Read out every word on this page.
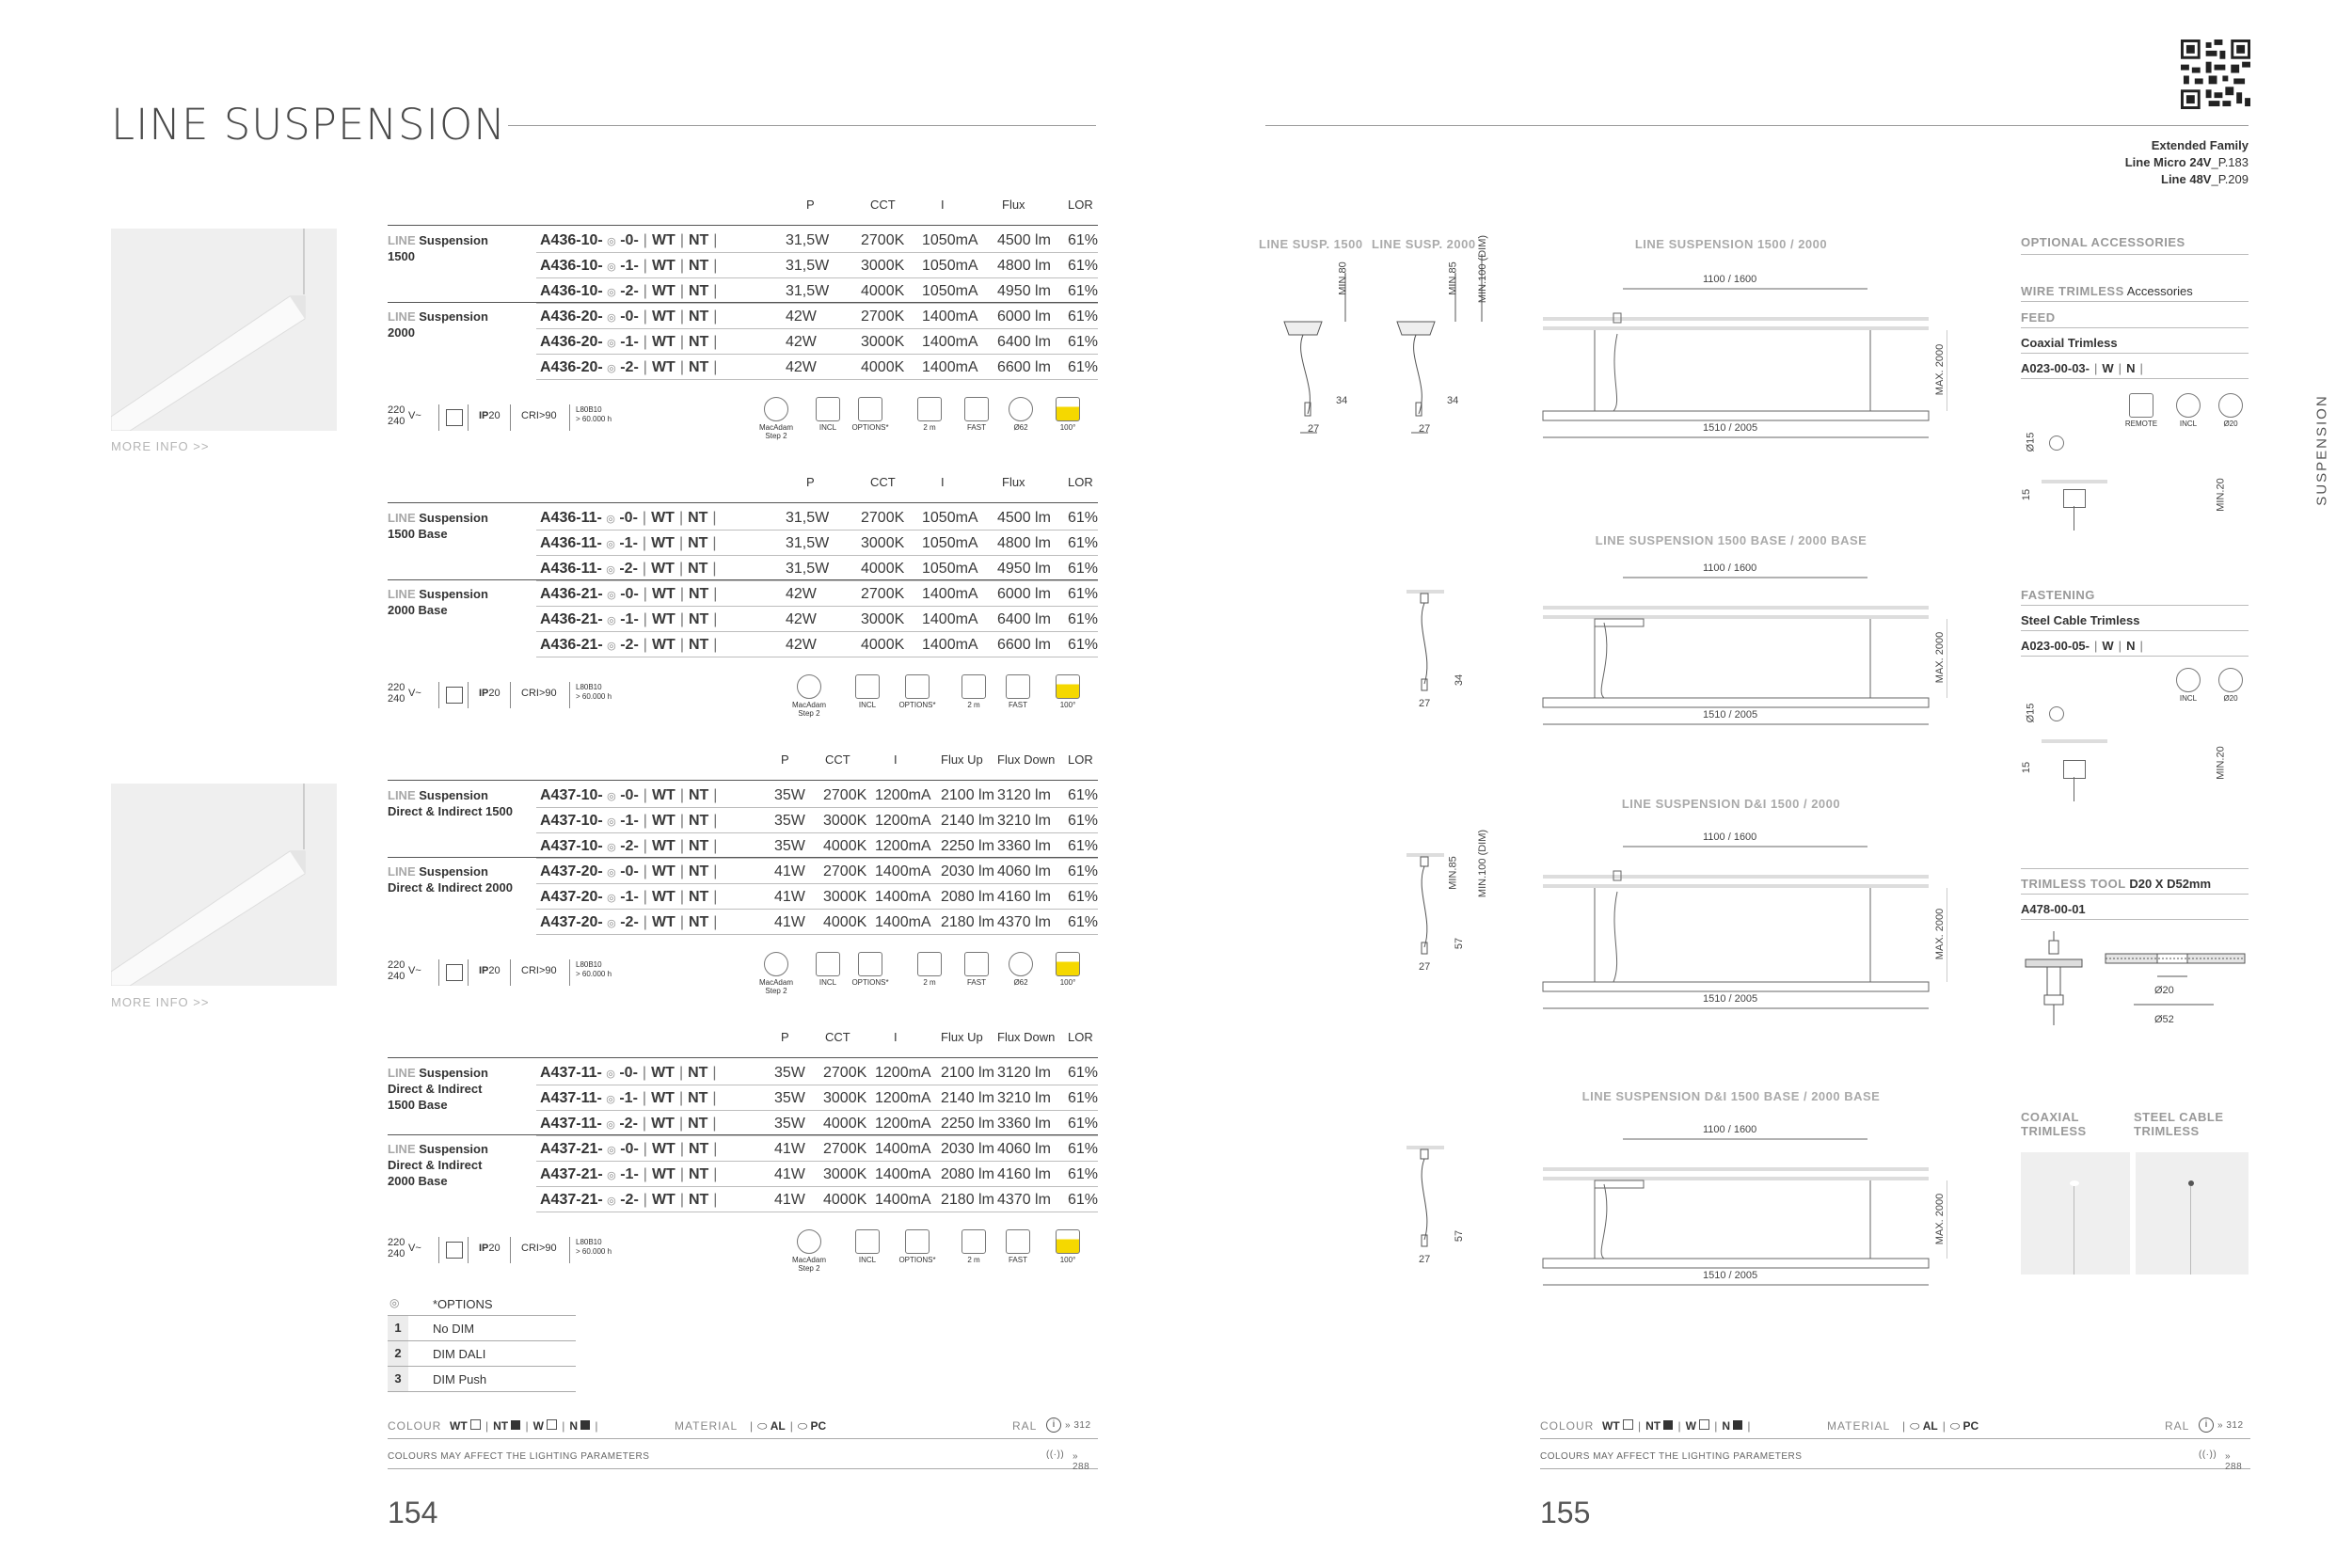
LINE SUSPENSION	Extended Family
Line Micro 24V_P.183
Line 48V_P.209
SUSPENSION
MORE INFO >>
MORE INFO >>
P	CCT	I	Flux	LOR
LINE Suspension
1500
A436-10- ◎ -0- | WT | NT |	31,5W 2700K 1050mA 4500 lm 61%
A436-10- ◎ -1- | WT | NT |	31,5W 3000K 1050mA 4800 lm 61%
A436-10- ◎ -2- | WT | NT |	31,5W 4000K 1050mA 4950 lm 61%
LINE Suspension
2000
A436-20- ◎ -0- | WT | NT |	42W	2700K 1400mA 6000 lm 61%
A436-20- ◎ -1- | WT | NT |	42W	3000K 1400mA 6400 lm 61%
A436-20- ◎ -2- | WT | NT |	42W	4000K 1400mA 6600 lm 61%
220
240 V~	IP20 CRI>90
L80B10
> 60.000 h
MacAdam
Step 2
INCL	OPTIONS*	2 m	FAST	Ø62	100°
P	CCT	I	Flux	LOR
LINE Suspension
1500 Base
A436-11- ◎ -0- | WT | NT |	31,5W 2700K 1050mA 4500 lm 61%
A436-11- ◎ -1- | WT | NT |	31,5W 3000K 1050mA 4800 lm 61%
A436-11- ◎ -2- | WT | NT |	31,5W 4000K 1050mA 4950 lm 61%
LINE Suspension
2000 Base
A436-21- ◎ -0- | WT | NT |	42W	2700K 1400mA 6000 lm 61%
A436-21- ◎ -1- | WT | NT |	42W	3000K 1400mA 6400 lm 61%
A436-21- ◎ -2- | WT | NT |	42W	4000K 1400mA 6600 lm 61%
220
240 V~	IP20 CRI>90
L80B10
> 60.000 h
MacAdam
Step 2
INCL	OPTIONS*	2 m	FAST	100°
P	CCT	I	Flux Up Flux Down LOR
LINE Suspension
Direct & Indirect 1500
A437-10- ◎ -0- | WT | NT |	35W 2700K 1200mA 2100 lm 3120 lm 61%
A437-10- ◎ -1- | WT | NT |	35W 3000K 1200mA 2140 lm 3210 lm 61%
A437-10- ◎ -2- | WT | NT |	35W 4000K 1200mA 2250 lm 3360 lm 61%
LINE Suspension
Direct & Indirect 2000
A437-20- ◎ -0- | WT | NT |	41W 2700K 1400mA 2030 lm 4060 lm 61%
A437-20- ◎ -1- | WT | NT |	41W 3000K 1400mA 2080 lm 4160 lm 61%
A437-20- ◎ -2- | WT | NT |	41W 4000K 1400mA 2180 lm 4370 lm 61%
220
240 V~	IP20 CRI>90
L80B10
> 60.000 h
MacAdam
Step 2
INCL	OPTIONS*	2 m	FAST	Ø62	100°
P	CCT	I	Flux Up Flux Down LOR
LINE Suspension
Direct & Indirect
1500 Base
A437-11- ◎ -0- | WT | NT |	35W 2700K 1200mA 2100 lm 3120 lm 61%
A437-11- ◎ -1- | WT | NT |	35W 3000K 1200mA 2140 lm 3210 lm 61%
A437-11- ◎ -2- | WT | NT |	35W 4000K 1200mA 2250 lm 3360 lm 61%
LINE Suspension
Direct & Indirect
2000 Base
A437-21- ◎ -0- | WT | NT |	41W 2700K 1400mA 2030 lm 4060 lm 61%
A437-21- ◎ -1- | WT | NT |	41W 3000K 1400mA 2080 lm 4160 lm 61%
A437-21- ◎ -2- | WT | NT |	41W 4000K 1400mA 2180 lm 4370 lm 61%
220
240 V~	IP20 CRI>90
L80B10
> 60.000 h
MacAdam
Step 2
INCL	OPTIONS*	2 m	FAST	100°
◎	*OPTIONS
1	No DIM
2	DIM DALI
3	DIM Push
COLOUR WT | NT | W | N |	MATERIAL	| ⬭ AL | ⬭ PC	RAL	i	» 312
COLOURS MAY AFFECT THE LIGHTING PARAMETERS	((·)) » 288
COLOUR WT | NT | W | N |	MATERIAL	| ⬭ AL | ⬭ PC	RAL	i	» 312
COLOURS MAY AFFECT THE LIGHTING PARAMETERS	((·)) » 288
154	155
LINE SUSP. 1500 LINE SUSP. 2000
MIN.80	MIN.85 MIN.100 (DIM)
34	34
27	27
LINE SUSPENSION 1500 / 2000
1100 / 1600
1510 / 2005
MAX. 2000
LINE SUSPENSION 1500 BASE / 2000 BASE
1100 / 1600
1510 / 2005
MAX. 2000
34
27
LINE SUSPENSION D&I 1500 / 2000
1100 / 1600
1510 / 2005
MAX. 2000
57
27
MIN.85 MIN.100 (DIM)
LINE SUSPENSION D&I 1500 BASE / 2000 BASE
1100 / 1600
1510 / 2005
MAX. 2000
57
27
OPTIONAL ACCESSORIES
WIRE TRIMLESS Accessories
FEED
Coaxial Trimless
A023-00-03- | W | N |
REMOTE	INCL	Ø20
Ø15
15	MIN.20
FASTENING
Steel Cable Trimless
A023-00-05- | W | N |
INCL	Ø20
Ø15
15	MIN.20
TRIMLESS TOOL D20 X D52mm
A478-00-01
Ø20
Ø52
COAXIAL
TRIMLESS
STEEL CABLE
TRIMLESS
